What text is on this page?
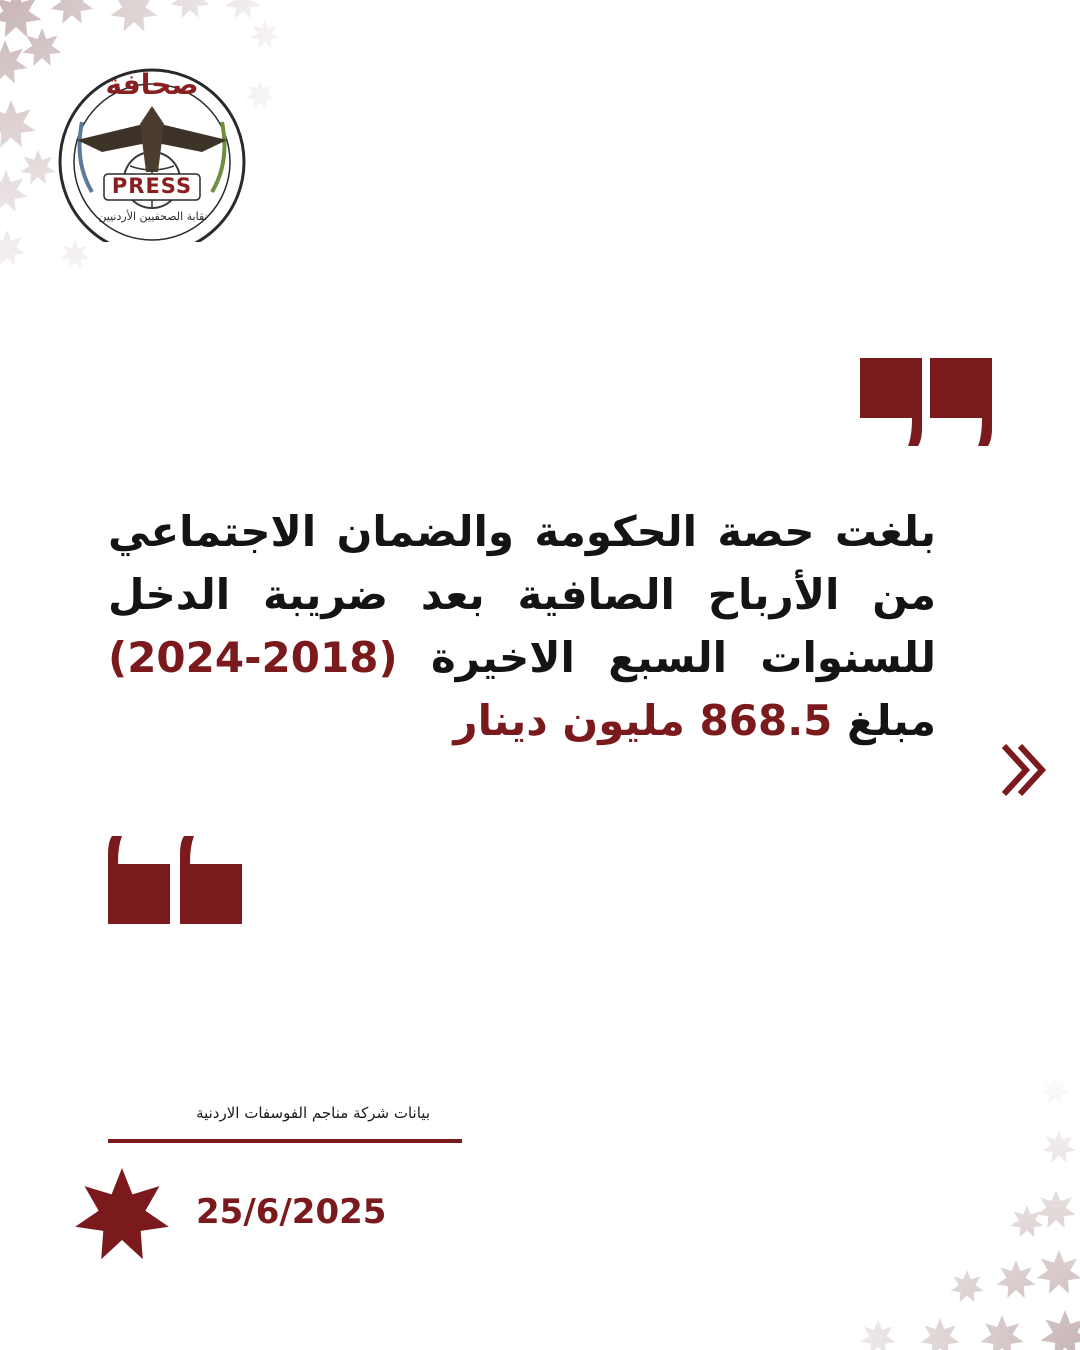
صحافة
PRESS
نقابة الصحفيين الأردنيين
بلغت حصة الحكومة والضمان الاجتماعي من الأرباح الصافية بعد ضريبة الدخل للسنوات السبع الاخيرة (2018-2024) مبلغ 868.5 مليون دينار
بيانات شركة مناجم الفوسفات الاردنية
25/6/2025
